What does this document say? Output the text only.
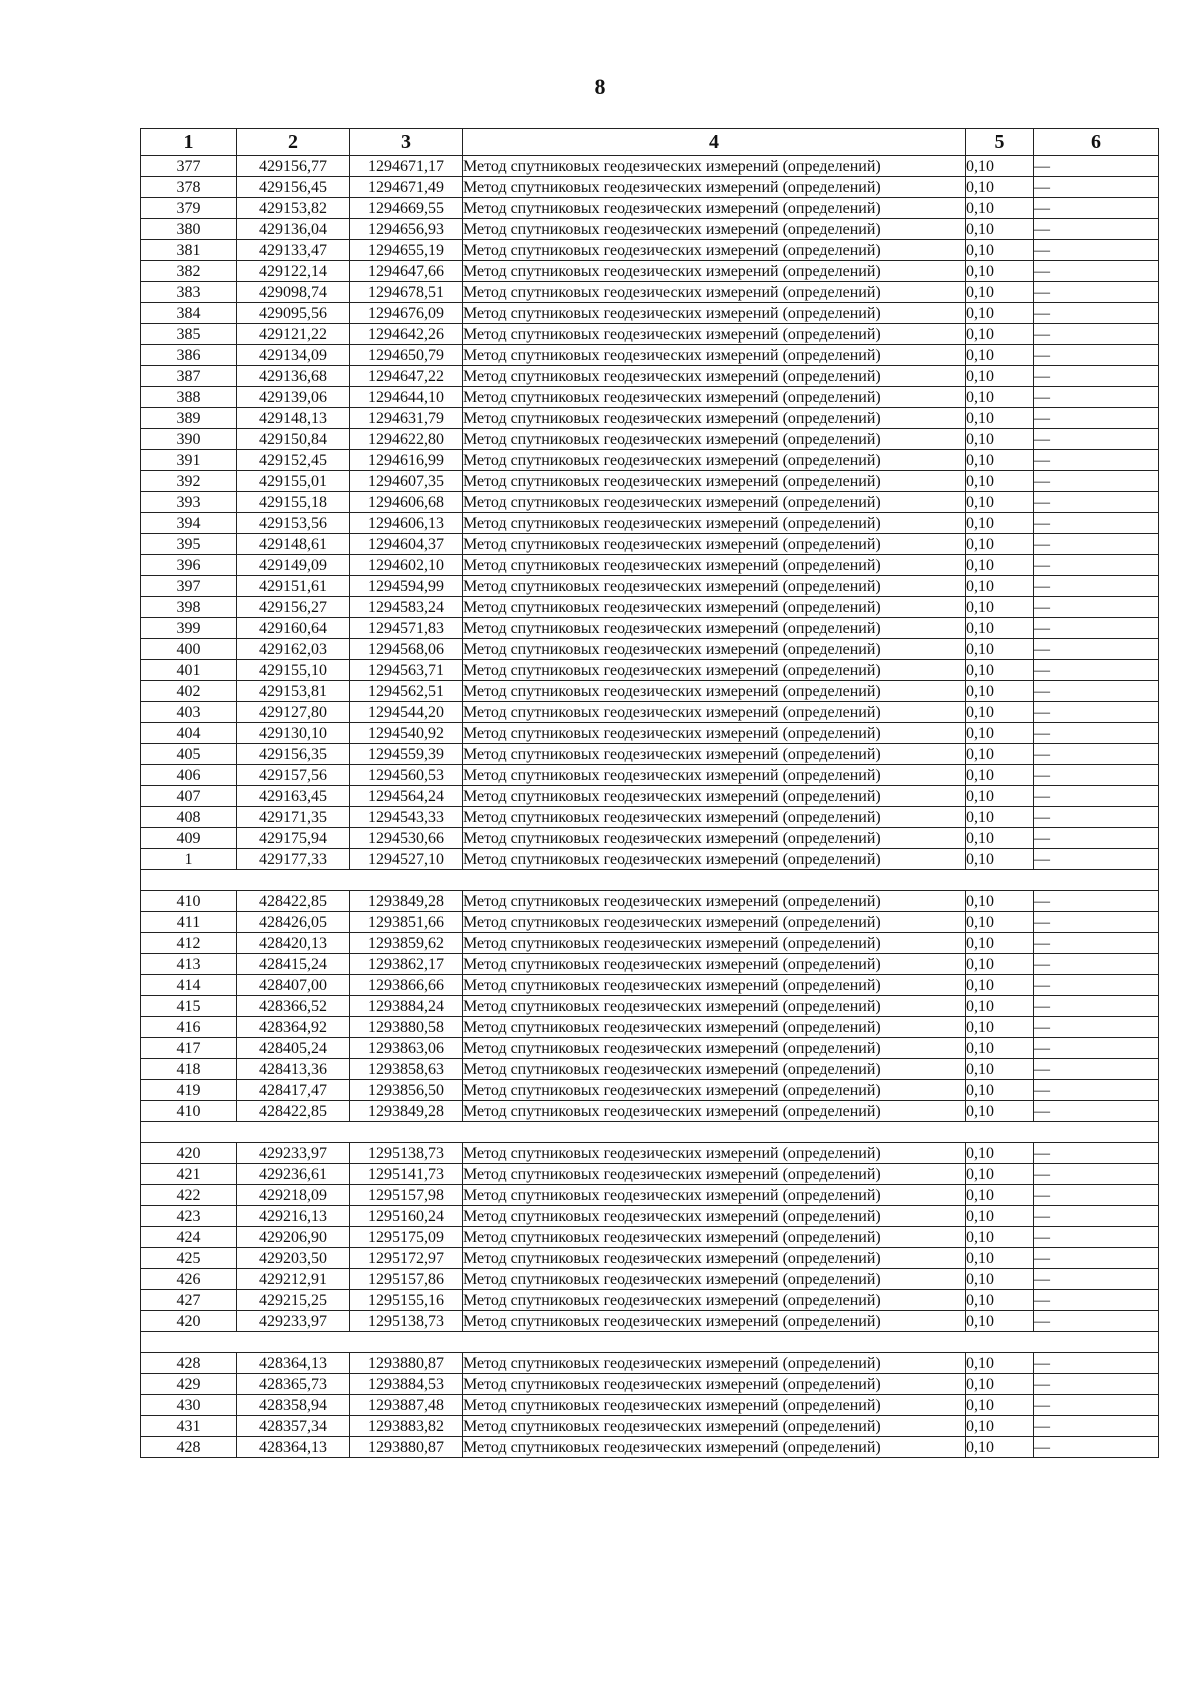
8
1	2	3	4	5	6
377	429156,77	1294671,17	Метод спутниковых геодезических измерений (определений)	0,10	—
378	429156,45	1294671,49	Метод спутниковых геодезических измерений (определений)	0,10	—
379	429153,82	1294669,55	Метод спутниковых геодезических измерений (определений)	0,10	—
380	429136,04	1294656,93	Метод спутниковых геодезических измерений (определений)	0,10	—
381	429133,47	1294655,19	Метод спутниковых геодезических измерений (определений)	0,10	—
382	429122,14	1294647,66	Метод спутниковых геодезических измерений (определений)	0,10	—
383	429098,74	1294678,51	Метод спутниковых геодезических измерений (определений)	0,10	—
384	429095,56	1294676,09	Метод спутниковых геодезических измерений (определений)	0,10	—
385	429121,22	1294642,26	Метод спутниковых геодезических измерений (определений)	0,10	—
386	429134,09	1294650,79	Метод спутниковых геодезических измерений (определений)	0,10	—
387	429136,68	1294647,22	Метод спутниковых геодезических измерений (определений)	0,10	—
388	429139,06	1294644,10	Метод спутниковых геодезических измерений (определений)	0,10	—
389	429148,13	1294631,79	Метод спутниковых геодезических измерений (определений)	0,10	—
390	429150,84	1294622,80	Метод спутниковых геодезических измерений (определений)	0,10	—
391	429152,45	1294616,99	Метод спутниковых геодезических измерений (определений)	0,10	—
392	429155,01	1294607,35	Метод спутниковых геодезических измерений (определений)	0,10	—
393	429155,18	1294606,68	Метод спутниковых геодезических измерений (определений)	0,10	—
394	429153,56	1294606,13	Метод спутниковых геодезических измерений (определений)	0,10	—
395	429148,61	1294604,37	Метод спутниковых геодезических измерений (определений)	0,10	—
396	429149,09	1294602,10	Метод спутниковых геодезических измерений (определений)	0,10	—
397	429151,61	1294594,99	Метод спутниковых геодезических измерений (определений)	0,10	—
398	429156,27	1294583,24	Метод спутниковых геодезических измерений (определений)	0,10	—
399	429160,64	1294571,83	Метод спутниковых геодезических измерений (определений)	0,10	—
400	429162,03	1294568,06	Метод спутниковых геодезических измерений (определений)	0,10	—
401	429155,10	1294563,71	Метод спутниковых геодезических измерений (определений)	0,10	—
402	429153,81	1294562,51	Метод спутниковых геодезических измерений (определений)	0,10	—
403	429127,80	1294544,20	Метод спутниковых геодезических измерений (определений)	0,10	—
404	429130,10	1294540,92	Метод спутниковых геодезических измерений (определений)	0,10	—
405	429156,35	1294559,39	Метод спутниковых геодезических измерений (определений)	0,10	—
406	429157,56	1294560,53	Метод спутниковых геодезических измерений (определений)	0,10	—
407	429163,45	1294564,24	Метод спутниковых геодезических измерений (определений)	0,10	—
408	429171,35	1294543,33	Метод спутниковых геодезических измерений (определений)	0,10	—
409	429175,94	1294530,66	Метод спутниковых геодезических измерений (определений)	0,10	—
1	429177,33	1294527,10	Метод спутниковых геодезических измерений (определений)	0,10	—

410	428422,85	1293849,28	Метод спутниковых геодезических измерений (определений)	0,10	—
411	428426,05	1293851,66	Метод спутниковых геодезических измерений (определений)	0,10	—
412	428420,13	1293859,62	Метод спутниковых геодезических измерений (определений)	0,10	—
413	428415,24	1293862,17	Метод спутниковых геодезических измерений (определений)	0,10	—
414	428407,00	1293866,66	Метод спутниковых геодезических измерений (определений)	0,10	—
415	428366,52	1293884,24	Метод спутниковых геодезических измерений (определений)	0,10	—
416	428364,92	1293880,58	Метод спутниковых геодезических измерений (определений)	0,10	—
417	428405,24	1293863,06	Метод спутниковых геодезических измерений (определений)	0,10	—
418	428413,36	1293858,63	Метод спутниковых геодезических измерений (определений)	0,10	—
419	428417,47	1293856,50	Метод спутниковых геодезических измерений (определений)	0,10	—
410	428422,85	1293849,28	Метод спутниковых геодезических измерений (определений)	0,10	—

420	429233,97	1295138,73	Метод спутниковых геодезических измерений (определений)	0,10	—
421	429236,61	1295141,73	Метод спутниковых геодезических измерений (определений)	0,10	—
422	429218,09	1295157,98	Метод спутниковых геодезических измерений (определений)	0,10	—
423	429216,13	1295160,24	Метод спутниковых геодезических измерений (определений)	0,10	—
424	429206,90	1295175,09	Метод спутниковых геодезических измерений (определений)	0,10	—
425	429203,50	1295172,97	Метод спутниковых геодезических измерений (определений)	0,10	—
426	429212,91	1295157,86	Метод спутниковых геодезических измерений (определений)	0,10	—
427	429215,25	1295155,16	Метод спутниковых геодезических измерений (определений)	0,10	—
420	429233,97	1295138,73	Метод спутниковых геодезических измерений (определений)	0,10	—

428	428364,13	1293880,87	Метод спутниковых геодезических измерений (определений)	0,10	—
429	428365,73	1293884,53	Метод спутниковых геодезических измерений (определений)	0,10	—
430	428358,94	1293887,48	Метод спутниковых геодезических измерений (определений)	0,10	—
431	428357,34	1293883,82	Метод спутниковых геодезических измерений (определений)	0,10	—
428	428364,13	1293880,87	Метод спутниковых геодезических измерений (определений)	0,10	—
